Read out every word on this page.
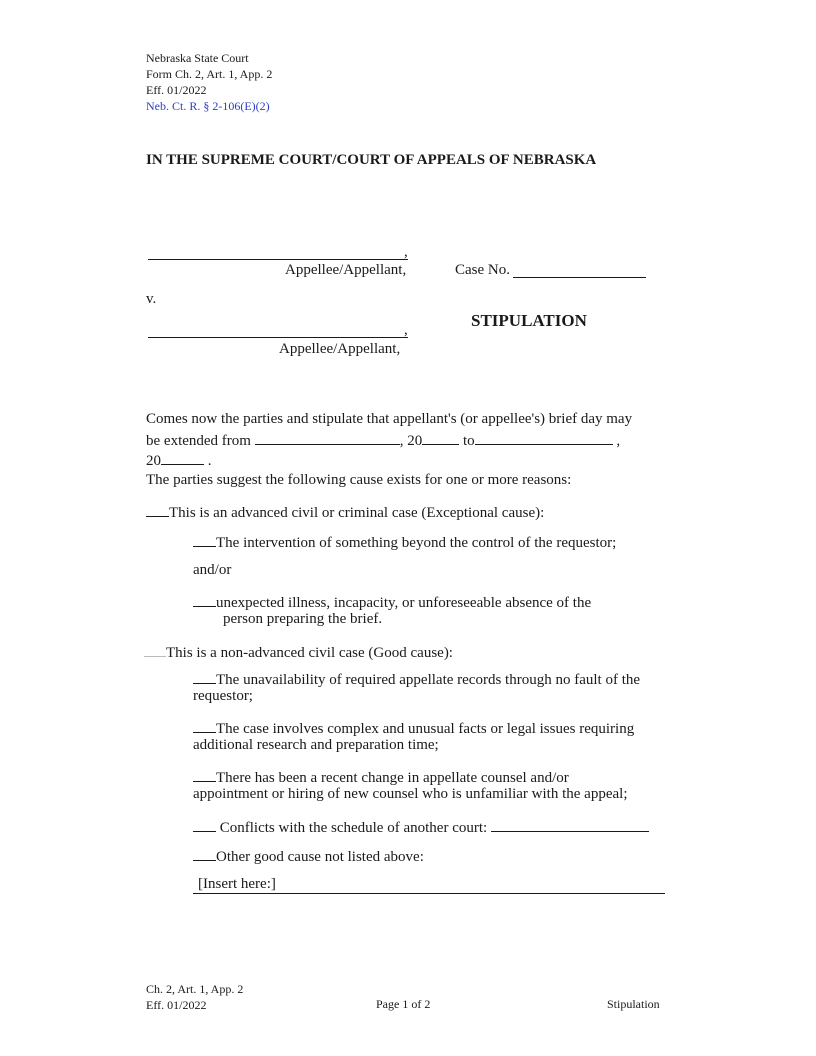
Nebraska State Court
Form Ch. 2, Art. 1, App. 2
Eff. 01/2022
Neb. Ct. R. § 2-106(E)(2)
IN THE SUPREME COURT/COURT OF APPEALS OF NEBRASKA
,
Appellee/Appellant,	Case No.
v.
STIPULATION
,
Appellee/Appellant,
Comes now the parties and stipulate that appellant's (or appellee's) brief day may
be extended from	, 20	to	,
20	.
The parties suggest the following cause exists for one or more reasons:
This is an advanced civil or criminal case (Exceptional cause):
The intervention of something beyond the control of the requestor;
and/or
unexpected illness, incapacity, or unforeseeable absence of the
person preparing the brief.
This is a non-advanced civil case (Good cause):
The unavailability of required appellate records through no fault of the
requestor;
The case involves complex and unusual facts or legal issues requiring
additional research and preparation time;
There has been a recent change in appellate counsel and/or
appointment or hiring of new counsel who is unfamiliar with the appeal;
Conflicts with the schedule of another court:
Other good cause not listed above:
[Insert here:]
Ch. 2, Art. 1, App. 2
Eff. 01/2022	Page 1 of 2	Stipulation
